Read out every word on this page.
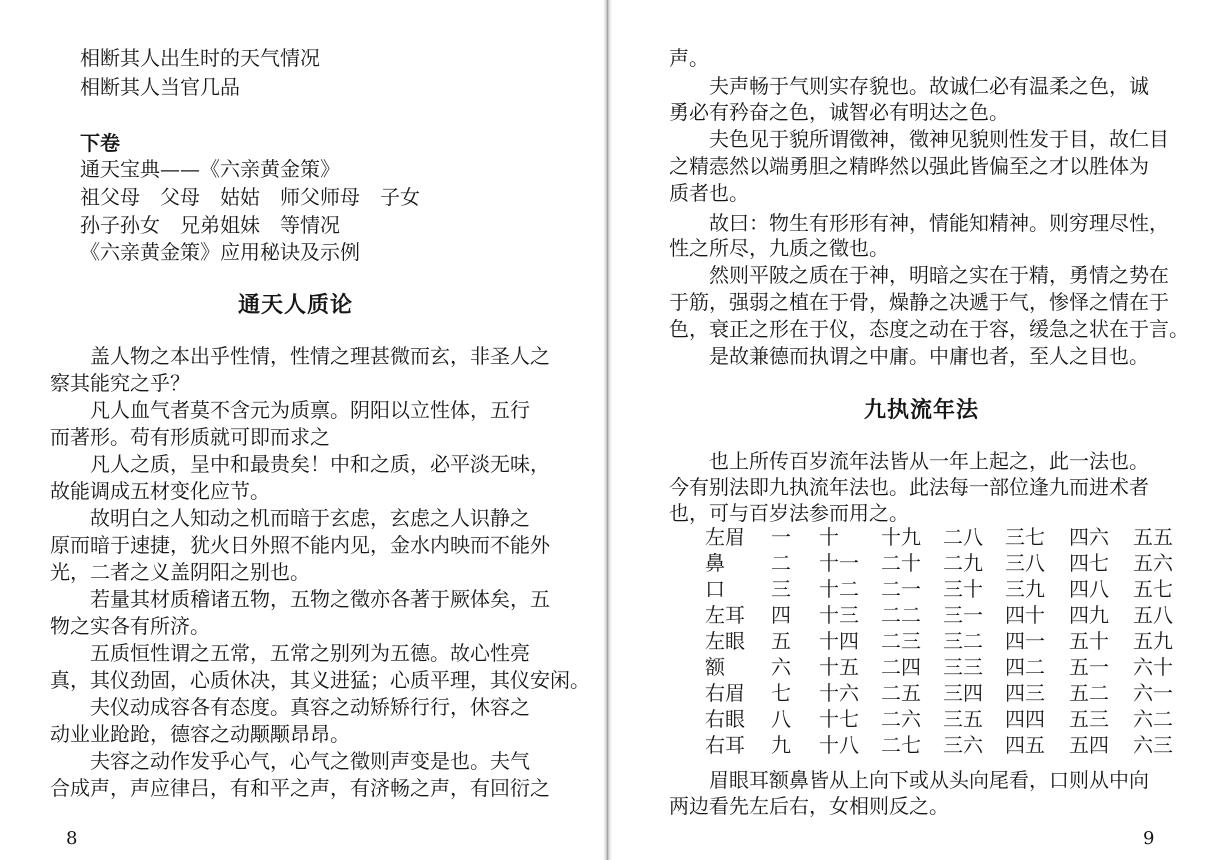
相断其人出生时的天气情况
相断其人当官几品
下卷
通天宝典——《六亲黄金策》
祖父母　父母　姑姑　师父师母　子女
孙子孙女　兄弟姐妹　等情况
《六亲黄金策》应用秘诀及示例
通天人质论
　　盖人物之本出乎性情，性情之理甚微而玄，非圣人之
察其能究之乎？
　　凡人血气者莫不含元为质禀。阴阳以立性体，五行
而著形。苟有形质就可即而求之
　　凡人之质，呈中和最贵矣！中和之质，必平淡无味，
故能调成五材变化应节。
　　故明白之人知动之机而暗于玄虑，玄虑之人识静之
原而暗于速捷，犹火日外照不能内见，金水内映而不能外
光，二者之义盖阴阳之别也。
　　若量其材质稽诸五物，五物之徵亦各著于厥体矣，五
物之实各有所济。
　　五质恒性谓之五常，五常之别列为五德。故心性亮
真，其仪劲固，心质休决，其义进猛；心质平理，其仪安闲。
　　夫仪动成容各有态度。真容之动矫矫行行，休容之
动业业跄跄，德容之动颙颙昂昂。
　　夫容之动作发乎心气，心气之徵则声变是也。夫气
合成声，声应律吕，有和平之声，有济畅之声，有回衍之
8
声。
　　夫声畅于气则实存貌也。故诚仁必有温柔之色，诚
勇必有矜奋之色，诚智必有明达之色。
　　夫色见于貌所谓徵神，徵神见貌则性发于目，故仁目
之精悫然以端勇胆之精晔然以强此皆偏至之才以胜体为
质者也。
　　故曰：物生有形形有神，情能知精神。则穷理尽性，
性之所尽，九质之徵也。
　　然则平陂之质在于神，明暗之实在于精，勇情之势在
于筋，强弱之植在于骨，燥静之决遞于气，惨怿之情在于
色，衰正之形在于仪，态度之动在于容，缓急之状在于言。
　　是故兼德而执谓之中庸。中庸也者，至人之目也。
九执流年法
　　也上所传百岁流年法皆从一年上起之，此一法也。
今有别法即九执流年法也。此法每一部位逢九而进术者
也，可与百岁法参而用之。
左眉 一 十 十九 二八 三七 四六 五五
鼻 二 十一 二十 二九 三八 四七 五六
口 三 十二 二一 三十 三九 四八 五七
左耳 四 十三 二二 三一 四十 四九 五八
左眼 五 十四 二三 三二 四一 五十 五九
额 六 十五 二四 三三 四二 五一 六十
右眉 七 十六 二五 三四 四三 五二 六一
右眼 八 十七 二六 三五 四四 五三 六二
右耳 九 十八 二七 三六 四五 五四 六三
　　眉眼耳额鼻皆从上向下或从头向尾看，口则从中向
两边看先左后右，女相则反之。
9
